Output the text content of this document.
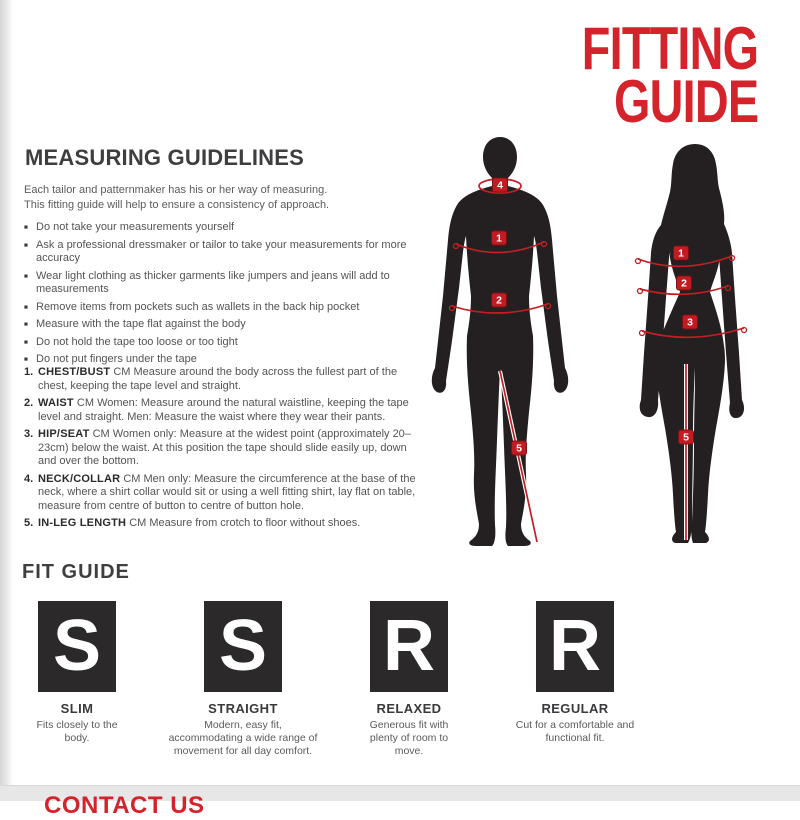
FITTING
GUIDE
MEASURING GUIDELINES
Each tailor and patternmaker has his or her way of measuring.
This fitting guide will help to ensure a consistency of approach.
■ Do not take your measurements yourself
■ Ask a professional dressmaker or tailor to take your measurements for more accuracy
■ Wear light clothing as thicker garments like jumpers and jeans will add to measurements
■ Remove items from pockets such as wallets in the back hip pocket
■ Measure with the tape flat against the body
■ Do not hold the tape too loose or too tight
■ Do not put fingers under the tape
1. CHEST/BUST CM Measure around the body across the fullest part of the chest, keeping the tape level and straight.
2. WAIST CM Women: Measure around the natural waistline, keeping the tape level and straight. Men: Measure the waist where they wear their pants.
3. HIP/SEAT CM Women only: Measure at the widest point (approximately 20–23cm) below the waist. At this position the tape should slide easily up, down and over the bottom.
4. NECK/COLLAR CM Men only: Measure the circumference at the base of the neck, where a shirt collar would sit or using a well fitting shirt, lay flat on table, measure from centre of button to centre of button hole.
5. IN-LEG LENGTH CM Measure from crotch to floor without shoes.
4
1
2
5
1
2
3
5
FIT GUIDE
S S R R
SLIM
Fits closely to the body.
STRAIGHT
Modern, easy fit, accommodating a wide range of movement for all day comfort.
RELAXED
Generous fit with plenty of room to move.
REGULAR
Cut for a comfortable and functional fit.
CONTACT US
